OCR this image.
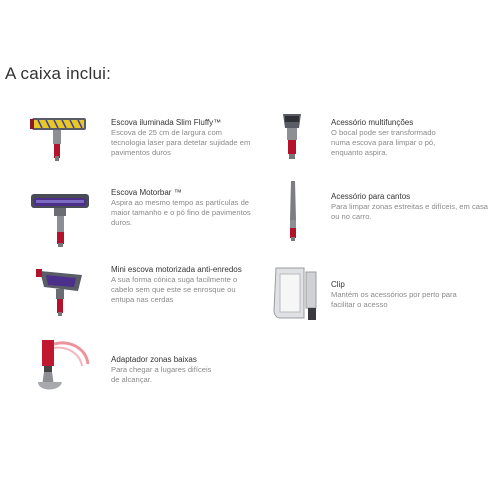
A caixa inclui:

Escova iluminada Slim Fluffy™

Escova de 25 cm de largura com

tecnologia laser para detetar sujidade em

pavimentos duros

Escova Motorbar ™

Aspira ao mesmo tempo as partículas de

maior tamanho e o pó fino de pavimentos

duros.

Mini escova motorizada anti-enredos

A sua forma cónica suga facilmente o

cabelo sem que este se enrosque ou

entupa nas cerdas

Adaptador zonas baixas

Para chegar a lugares difíceis

de alcançar.

Acessório multifunções

O bocal pode ser transformado

numa escova para limpar o pó,

enquanto aspira.

Acessório para cantos

Para limpar zonas estreitas e difíceis, em casa

ou no carro.

Clip

Mantém os acessórios por perto para

facilitar o acesso
